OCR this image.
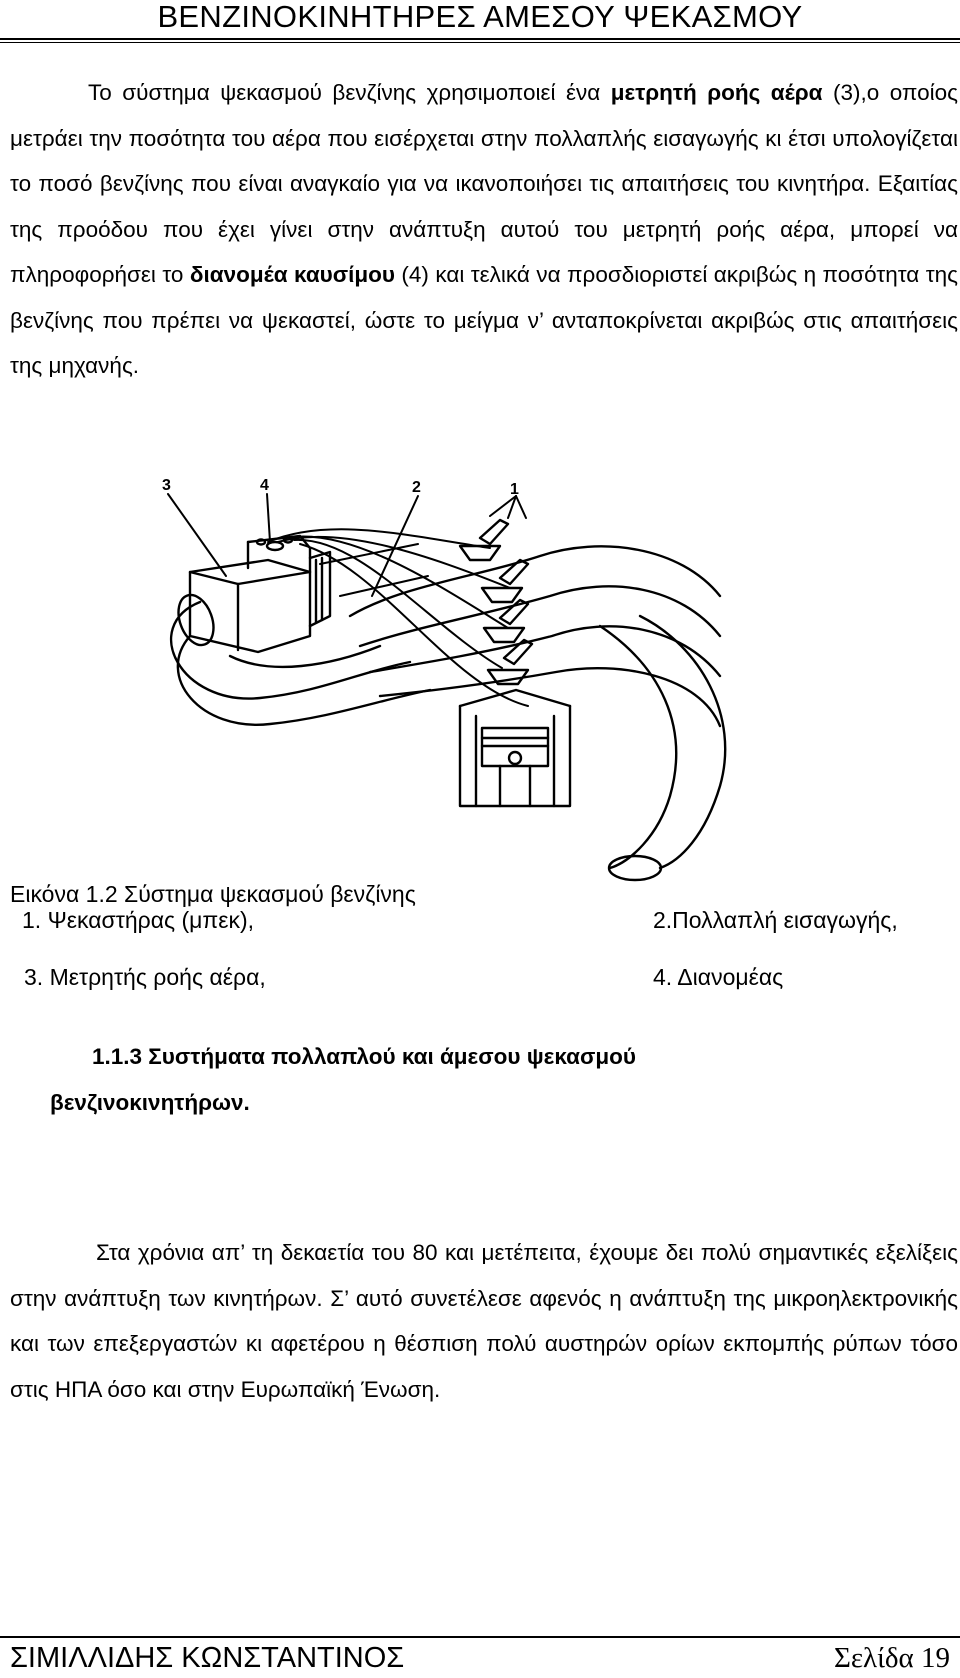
ΒΕΝΖΙΝΟΚΙΝΗΤΗΡΕΣ ΑΜΕΣΟΥ ΨΕΚΑΣΜΟΥ
Το σύστημα ψεκασμού βενζίνης χρησιμοποιεί ένα μετρητή ροής αέρα (3),ο οποίος μετράει την ποσότητα του αέρα που εισέρχεται στην πολλαπλής εισαγωγής κι έτσι υπολογίζεται το ποσό βενζίνης που είναι αναγκαίο για να ικανοποιήσει τις απαιτήσεις του κινητήρα. Εξαιτίας της προόδου που έχει γίνει στην ανάπτυξη αυτού του μετρητή ροής αέρα, μπορεί να πληροφορήσει το διανομέα καυσίμου (4) και τελικά να προσδιοριστεί ακριβώς η ποσότητα της βενζίνης που πρέπει να ψεκαστεί, ώστε το μείγμα ν’ ανταποκρίνεται ακριβώς στις απαιτήσεις της μηχανής.
3	4	2	1
Εικόνα 1.2 Σύστημα ψεκασμού βενζίνης
1. Ψεκαστήρας (μπεκ),	2.Πολλαπλή εισαγωγής,
3. Μετρητής ροής αέρα,	4. Διανομέας
1.1.3 Συστήματα πολλαπλού και άμεσου ψεκασμού
βενζινοκινητήρων.
Στα χρόνια απ’ τη δεκαετία του 80 και μετέπειτα, έχουμε δει πολύ σημαντικές εξελίξεις στην ανάπτυξη των κινητήρων. Σ’ αυτό συνετέλεσε αφενός η ανάπτυξη της μικροηλεκτρονικής και των επεξεργαστών κι αφετέρου η θέσπιση πολύ αυστηρών ορίων εκπομπής ρύπων τόσο στις ΗΠΑ όσο και στην Ευρωπαϊκή Ένωση.
ΣΙΜΙΛΛΙΔΗΣ ΚΩΝΣΤΑΝΤΙΝΟΣ	Σελίδα 19
